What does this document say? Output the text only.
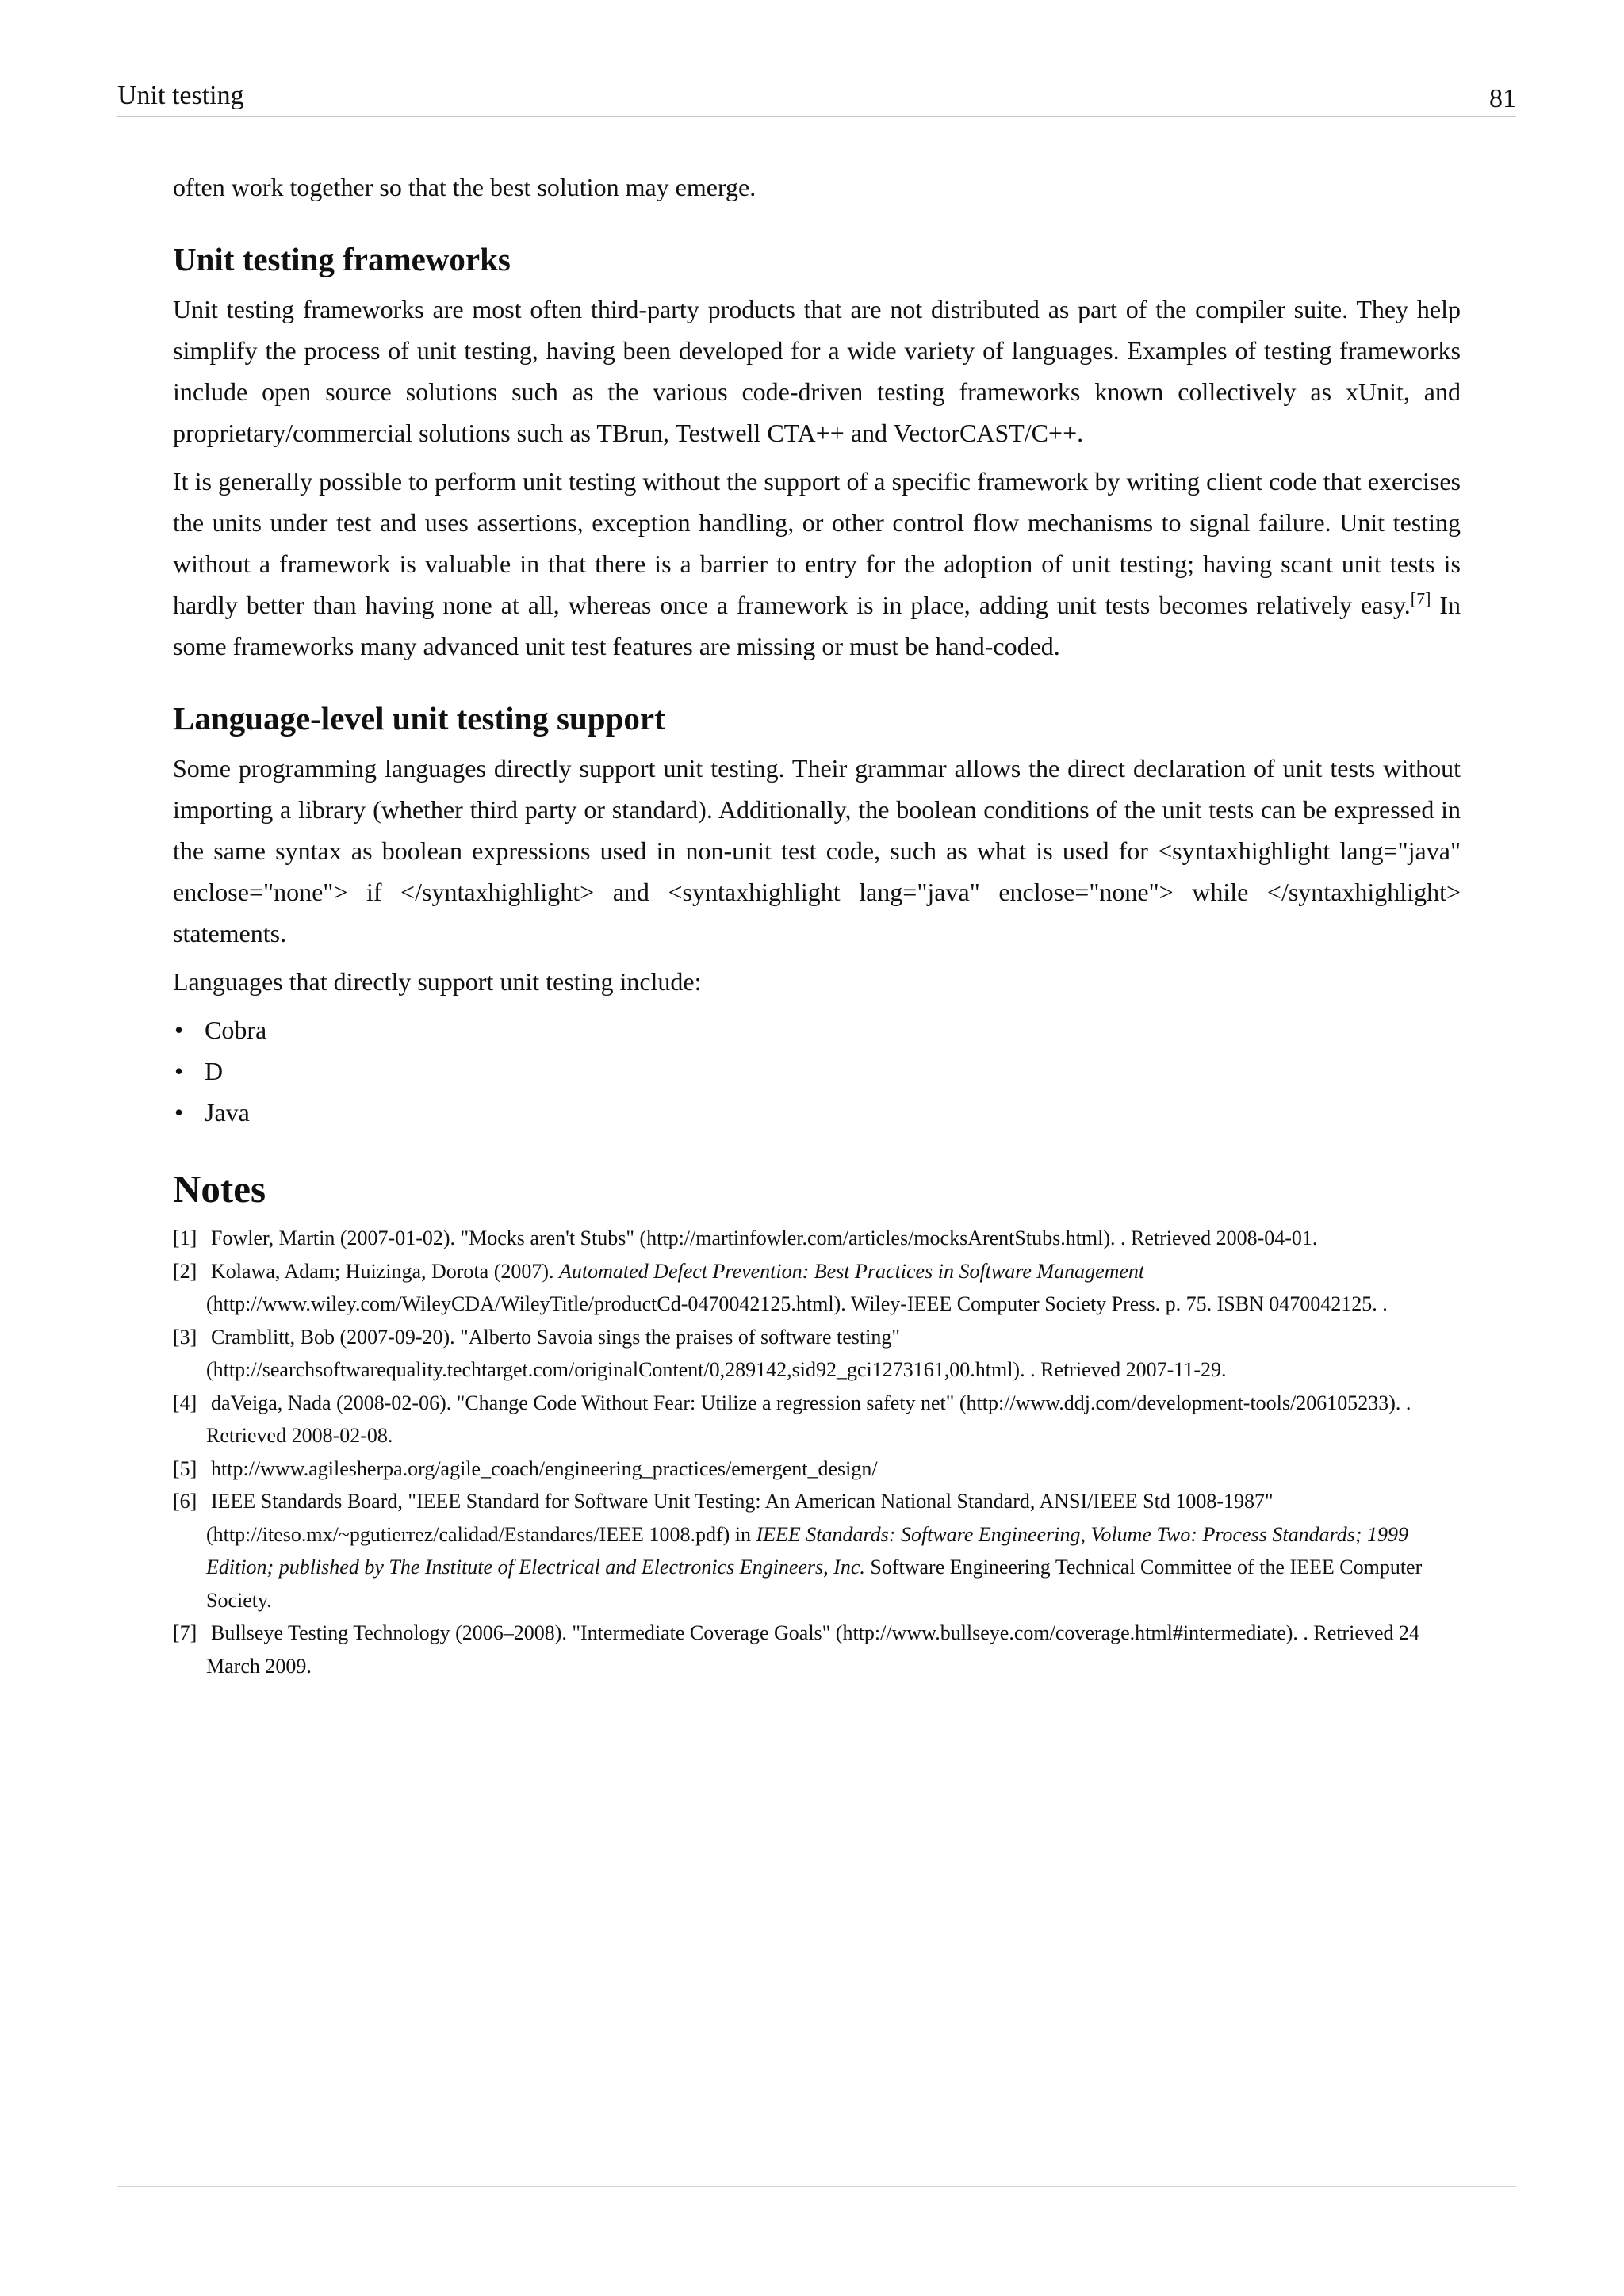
Unit testing	81

often work together so that the best solution may emerge.

Unit testing frameworks

Unit testing frameworks are most often third-party products that are not distributed as part of the compiler suite. They help simplify the process of unit testing, having been developed for a wide variety of languages. Examples of testing frameworks include open source solutions such as the various code-driven testing frameworks known collectively as xUnit, and proprietary/commercial solutions such as TBrun, Testwell CTA++ and VectorCAST/C++.

It is generally possible to perform unit testing without the support of a specific framework by writing client code that exercises the units under test and uses assertions, exception handling, or other control flow mechanisms to signal failure. Unit testing without a framework is valuable in that there is a barrier to entry for the adoption of unit testing; having scant unit tests is hardly better than having none at all, whereas once a framework is in place, adding unit tests becomes relatively easy.[7] In some frameworks many advanced unit test features are missing or must be hand-coded.

Language-level unit testing support

Some programming languages directly support unit testing. Their grammar allows the direct declaration of unit tests without importing a library (whether third party or standard). Additionally, the boolean conditions of the unit tests can be expressed in the same syntax as boolean expressions used in non-unit test code, such as what is used for <syntaxhighlight lang="java" enclose="none"> if </syntaxhighlight> and <syntaxhighlight lang="java" enclose="none"> while </syntaxhighlight> statements.

Languages that directly support unit testing include:

• Cobra
• D
• Java
Notes
[1] Fowler, Martin (2007-01-02). "Mocks aren't Stubs" (http://martinfowler.com/articles/mocksArentStubs.html). . Retrieved 2008-04-01.
[2] Kolawa, Adam; Huizinga, Dorota (2007). Automated Defect Prevention: Best Practices in Software Management (http://www.wiley.com/WileyCDA/WileyTitle/productCd-0470042125.html). Wiley-IEEE Computer Society Press. p. 75. ISBN 0470042125. .
[3] Cramblitt, Bob (2007-09-20). "Alberto Savoia sings the praises of software testing" (http://searchsoftwarequality.techtarget.com/originalContent/0,289142,sid92_gci1273161,00.html). . Retrieved 2007-11-29.
[4] daVeiga, Nada (2008-02-06). "Change Code Without Fear: Utilize a regression safety net" (http://www.ddj.com/development-tools/206105233). . Retrieved 2008-02-08.
[5] http://www.agilesherpa.org/agile_coach/engineering_practices/emergent_design/
[6] IEEE Standards Board, "IEEE Standard for Software Unit Testing: An American National Standard, ANSI/IEEE Std 1008-1987" (http://iteso.mx/~pgutierrez/calidad/Estandares/IEEE 1008.pdf) in IEEE Standards: Software Engineering, Volume Two: Process Standards; 1999 Edition; published by The Institute of Electrical and Electronics Engineers, Inc. Software Engineering Technical Committee of the IEEE Computer Society.
[7] Bullseye Testing Technology (2006–2008). "Intermediate Coverage Goals" (http://www.bullseye.com/coverage.html#intermediate). . Retrieved 24 March 2009.
